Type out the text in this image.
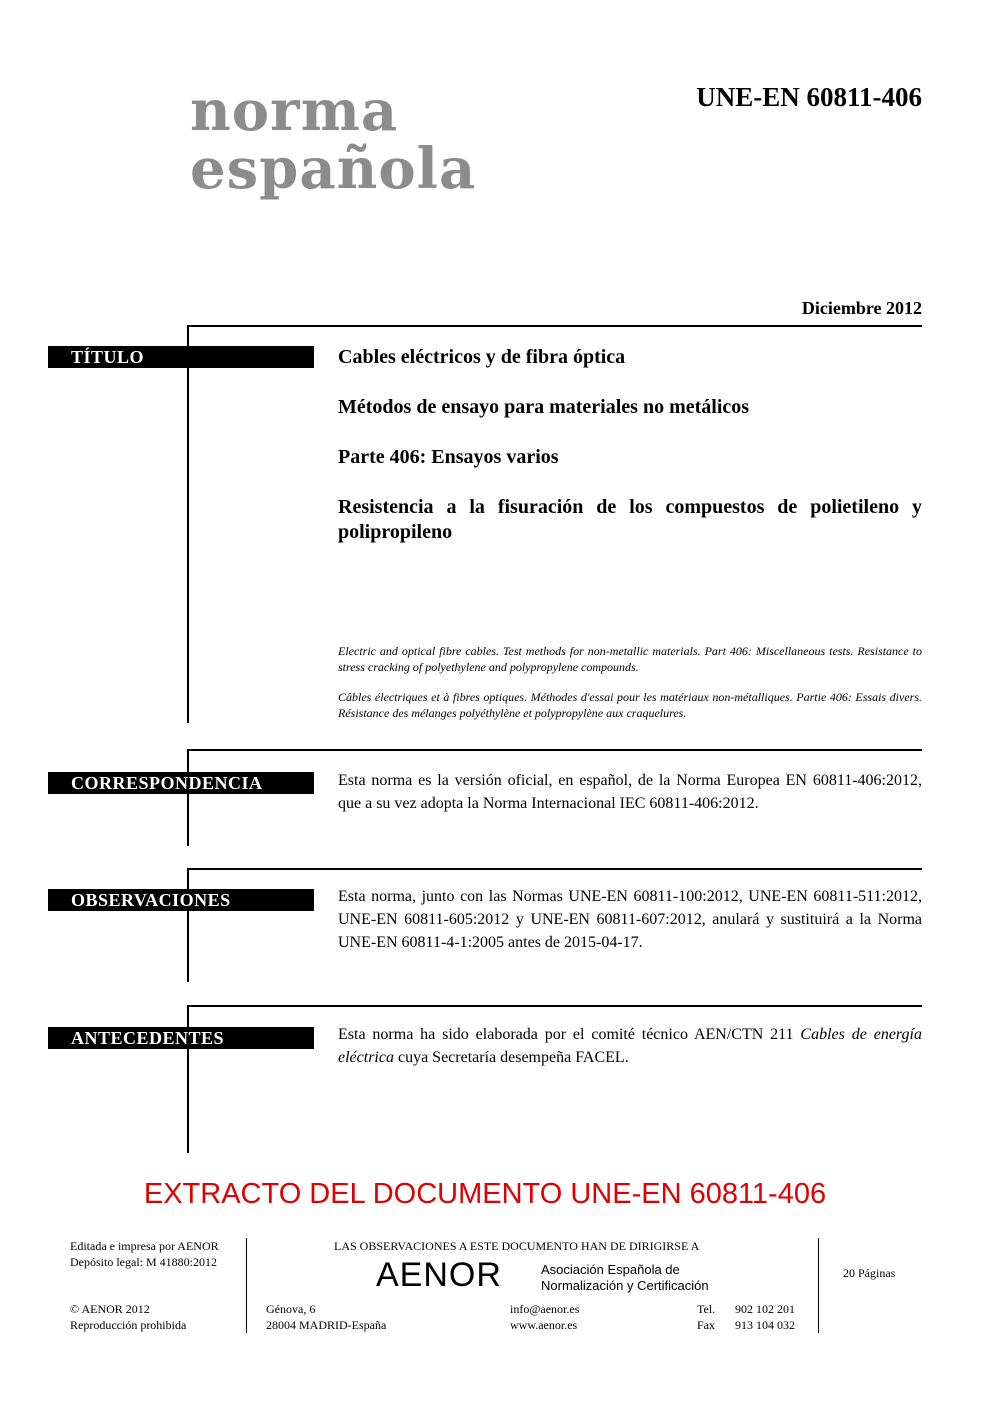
norma
española
UNE-EN 60811-406
Diciembre 2012
TÍTULO	Cables eléctricos y de fibra óptica
Métodos de ensayo para materiales no metálicos
Parte 406: Ensayos varios
Resistencia a la fisuración de los compuestos de polietileno y polipropileno
Electric and optical fibre cables. Test methods for non-metallic materials. Part 406: Miscellaneous tests. Resistance to stress cracking of polyethylene and polypropylene compounds.
Câbles électriques et à fibres optiques. Méthodes d'essai pour les matériaux non-métalliques. Partie 406: Essais divers. Résistance des mélanges polyéthylène et polypropylène aux craquelures.
CORRESPONDENCIA	Esta norma es la versión oficial, en español, de la Norma Europea EN 60811-406:2012, que a su vez adopta la Norma Internacional IEC 60811-406:2012.
OBSERVACIONES	Esta norma, junto con las Normas UNE-EN 60811-100:2012, UNE-EN 60811-511:2012, UNE-EN 60811-605:2012 y UNE-EN 60811-607:2012, anulará y sustituirá a la Norma UNE-EN 60811-4-1:2005 antes de 2015-04-17.
ANTECEDENTES	Esta norma ha sido elaborada por el comité técnico AEN/CTN 211 Cables de energía eléctrica cuya Secretaría desempeña FACEL.
EXTRACTO DEL DOCUMENTO UNE-EN 60811-406
Editada e impresa por AENOR
Depósito legal: M 41880:2012
© AENOR 2012
Reproducción prohibida
LAS OBSERVACIONES A ESTE DOCUMENTO HAN DE DIRIGIRSE A
AENOR	Asociación Española de
Normalización y Certificación
Génova, 6
28004 MADRID-España
info@aenor.es
www.aenor.es
Tel. 902 102 201
Fax 913 104 032
20 Páginas
